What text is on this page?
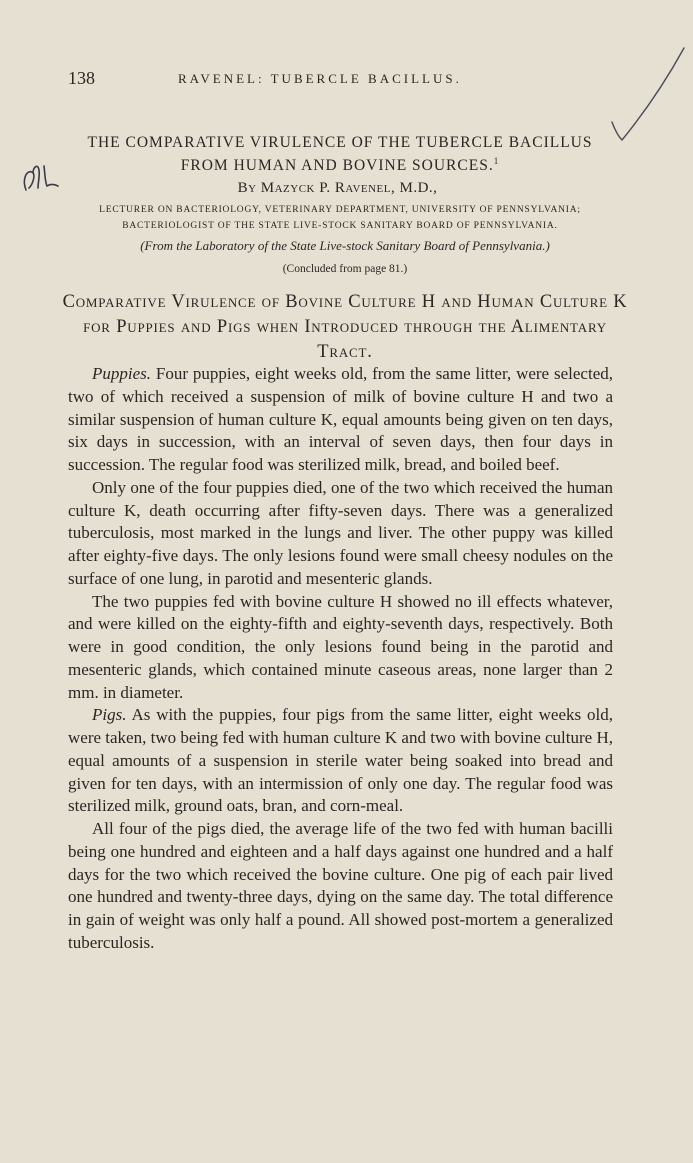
138	RAVENEL: TUBERCLE BACILLUS.
THE COMPARATIVE VIRULENCE OF THE TUBERCLE BACILLUS FROM HUMAN AND BOVINE SOURCES.$^1$
By Mazyck P. Ravenel, M.D.,
LECTURER ON BACTERIOLOGY, VETERINARY DEPARTMENT, UNIVERSITY OF PENNSYLVANIA;
BACTERIOLOGIST OF THE STATE LIVE-STOCK SANITARY BOARD OF PENNSYLVANIA.
(From the Laboratory of the State Live-stock Sanitary Board of Pennsylvania.)
(Concluded from page 81.)
Comparative Virulence of Bovine Culture H and Human Culture K for Puppies and Pigs when Introduced through the Alimentary Tract.

Puppies. Four puppies, eight weeks old, from the same litter, were selected, two of which received a suspension of milk of bovine culture H and two a similar suspension of human culture K, equal amounts being given on ten days, six days in succession, with an interval of seven days, then four days in succession. The regular food was sterilized milk, bread, and boiled beef.

Only one of the four puppies died, one of the two which received the human culture K, death occurring after fifty-seven days. There was a generalized tuberculosis, most marked in the lungs and liver. The other puppy was killed after eighty-five days. The only lesions found were small cheesy nodules on the surface of one lung, in parotid and mesenteric glands.

The two puppies fed with bovine culture H showed no ill effects whatever, and were killed on the eighty-fifth and eighty-seventh days, respectively. Both were in good condition, the only lesions found being in the parotid and mesenteric glands, which contained minute caseous areas, none larger than 2 mm. in diameter.

Pigs. As with the puppies, four pigs from the same litter, eight weeks old, were taken, two being fed with human culture K and two with bovine culture H, equal amounts of a suspension in sterile water being soaked into bread and given for ten days, with an intermission of only one day. The regular food was sterilized milk, ground oats, bran, and corn-meal.

All four of the pigs died, the average life of the two fed with human bacilli being one hundred and eighteen and a half days against one hundred and a half days for the two which received the bovine culture. One pig of each pair lived one hundred and twenty-three days, dying on the same day. The total difference in gain of weight was only half a pound. All showed post-mortem a generalized tuberculosis.
